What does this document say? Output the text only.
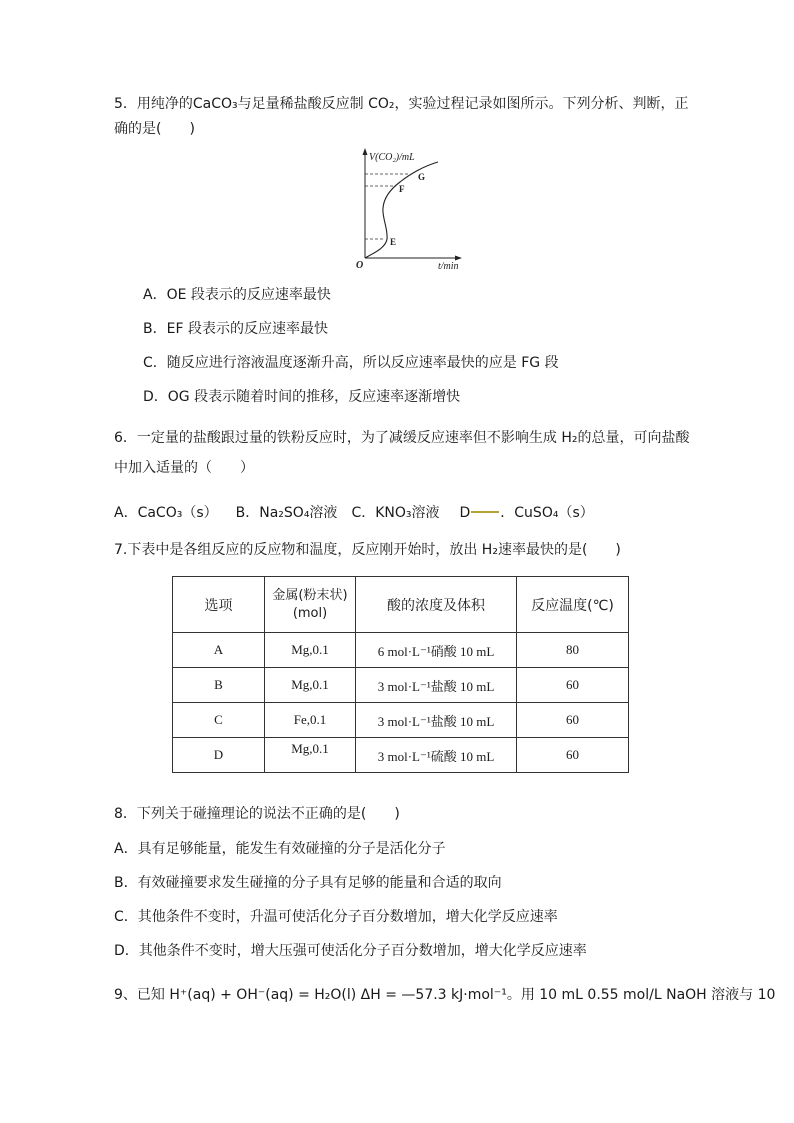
5．用纯净的CaCO₃与足量稀盐酸反应制 CO₂，实验过程记录如图所示。下列分析、判断，正
确的是(　　)
V(CO₂)/mL
t/min
O
E
F
G
A．OE 段表示的反应速率最快
B．EF 段表示的反应速率最快
C．随反应进行溶液温度逐渐升高，所以反应速率最快的应是 FG 段
D．OG 段表示随着时间的推移，反应速率逐渐增快
6．一定量的盐酸跟过量的铁粉反应时，为了减缓反应速率但不影响生成 H₂的总量，可向盐酸
中加入适量的（　　）
A．CaCO₃（s） B．Na₂SO₄溶液 C．KNO₃溶液 D ．CuSO₄（s）
7.下表中是各组反应的反应物和温度，反应刚开始时，放出 H₂速率最快的是(　　)
选项	金属(粉末状)(mol)	酸的浓度及体积	反应温度(℃)
A	Mg,0.1	6 mol·L⁻¹硝酸 10 mL	80
B	Mg,0.1	3 mol·L⁻¹盐酸 10 mL	60
C	Fe,0.1	3 mol·L⁻¹盐酸 10 mL	60
D	Mg,0.1	3 mol·L⁻¹硫酸 10 mL	60
8．下列关于碰撞理论的说法不正确的是(　　)
A．具有足够能量，能发生有效碰撞的分子是活化分子
B．有效碰撞要求发生碰撞的分子具有足够的能量和合适的取向
C．其他条件不变时，升温可使活化分子百分数增加，增大化学反应速率
D．其他条件不变时，增大压强可使活化分子百分数增加，增大化学反应速率
9、已知 H⁺(aq) + OH⁻(aq) = H₂O(l) ΔH = —57.3 kJ·mol⁻¹。用 10 mL 0.55 mol/L NaOH 溶液与 10
